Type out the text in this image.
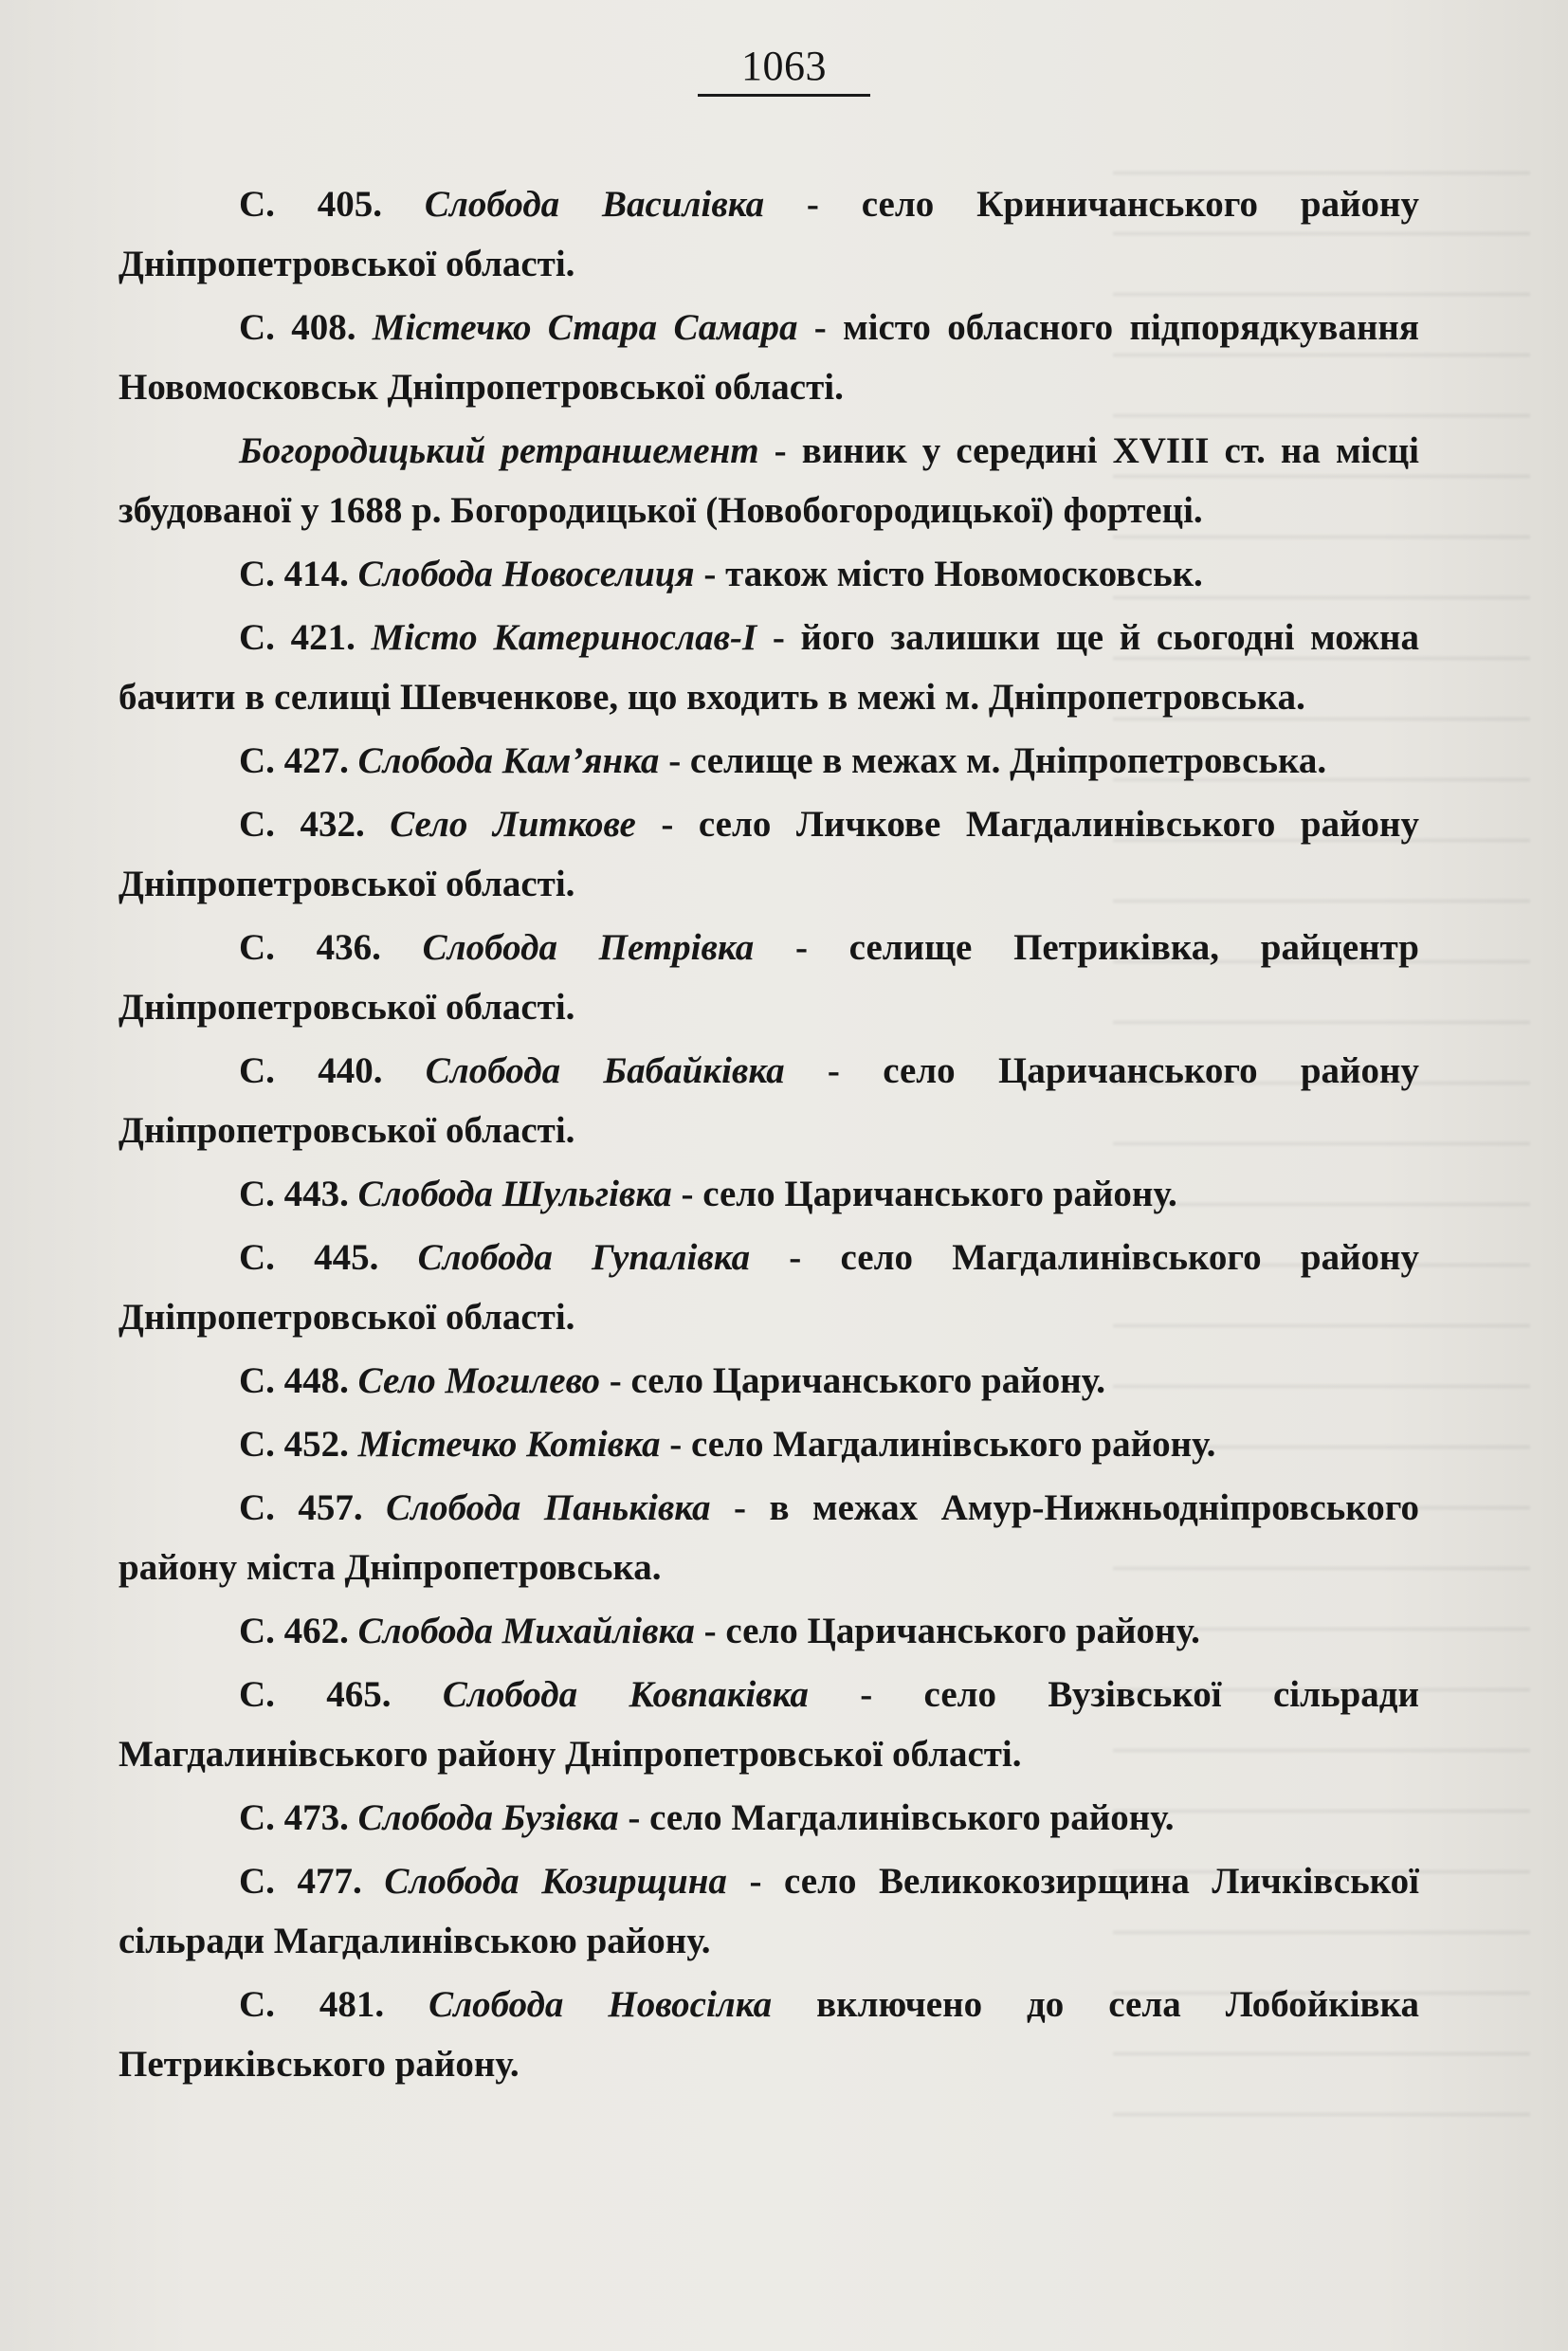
1063

С. 405. Слобода Василівка - село Криничанського району Дніпропетровської області.

С. 408. Містечко Стара Самара - місто обласного підпорядкування Новомосковськ Дніпропетровської області.

Богородицький ретраншемент - виник у середині XVIII ст. на місці збудованої у 1688 р. Богородицької (Новобогородицької) фортеці.

С. 414. Слобода Новоселиця - також місто Новомосковськ.

С. 421. Місто Катеринослав-І - його залишки ще й сьогодні можна бачити в селищі Шевченкове, що входить в межі м. Дніпропетровська.

С. 427. Слобода Кам’янка - селище в межах м. Дніпропетровська.

С. 432. Село Литкове - село Личкове Магдалинівського району Дніпропетровської області.

С. 436. Слобода Петрівка - селище Петриківка, райцентр Дніпропетровської області.

С. 440. Слобода Бабайківка - село Царичанського району Дніпропетровської області.

С. 443. Слобода Шульгівка - село Царичанського району.

С. 445. Слобода Гупалівка - село Магдалинівського району Дніпропетровської області.

С. 448. Село Могилево - село Царичанського району.

С. 452. Містечко Котівка - село Магдалинівського району.

С. 457. Слобода Паньківка - в межах Амур-Нижньодніпровського району міста Дніпропетровська.

С. 462. Слобода Михайлівка - село Царичанського району.

С. 465. Слобода Ковпаківка - село Вузівської сільради Магдалинівського району Дніпропетровської області.

С. 473. Слобода Бузівка - село Магдалинівського району.

С. 477. Слобода Козирщина - село Великокозирщина Личківської сільради Магдалинівською району.

С. 481. Слобода Новосілка включено до села Лобойківка Петриківського району.
